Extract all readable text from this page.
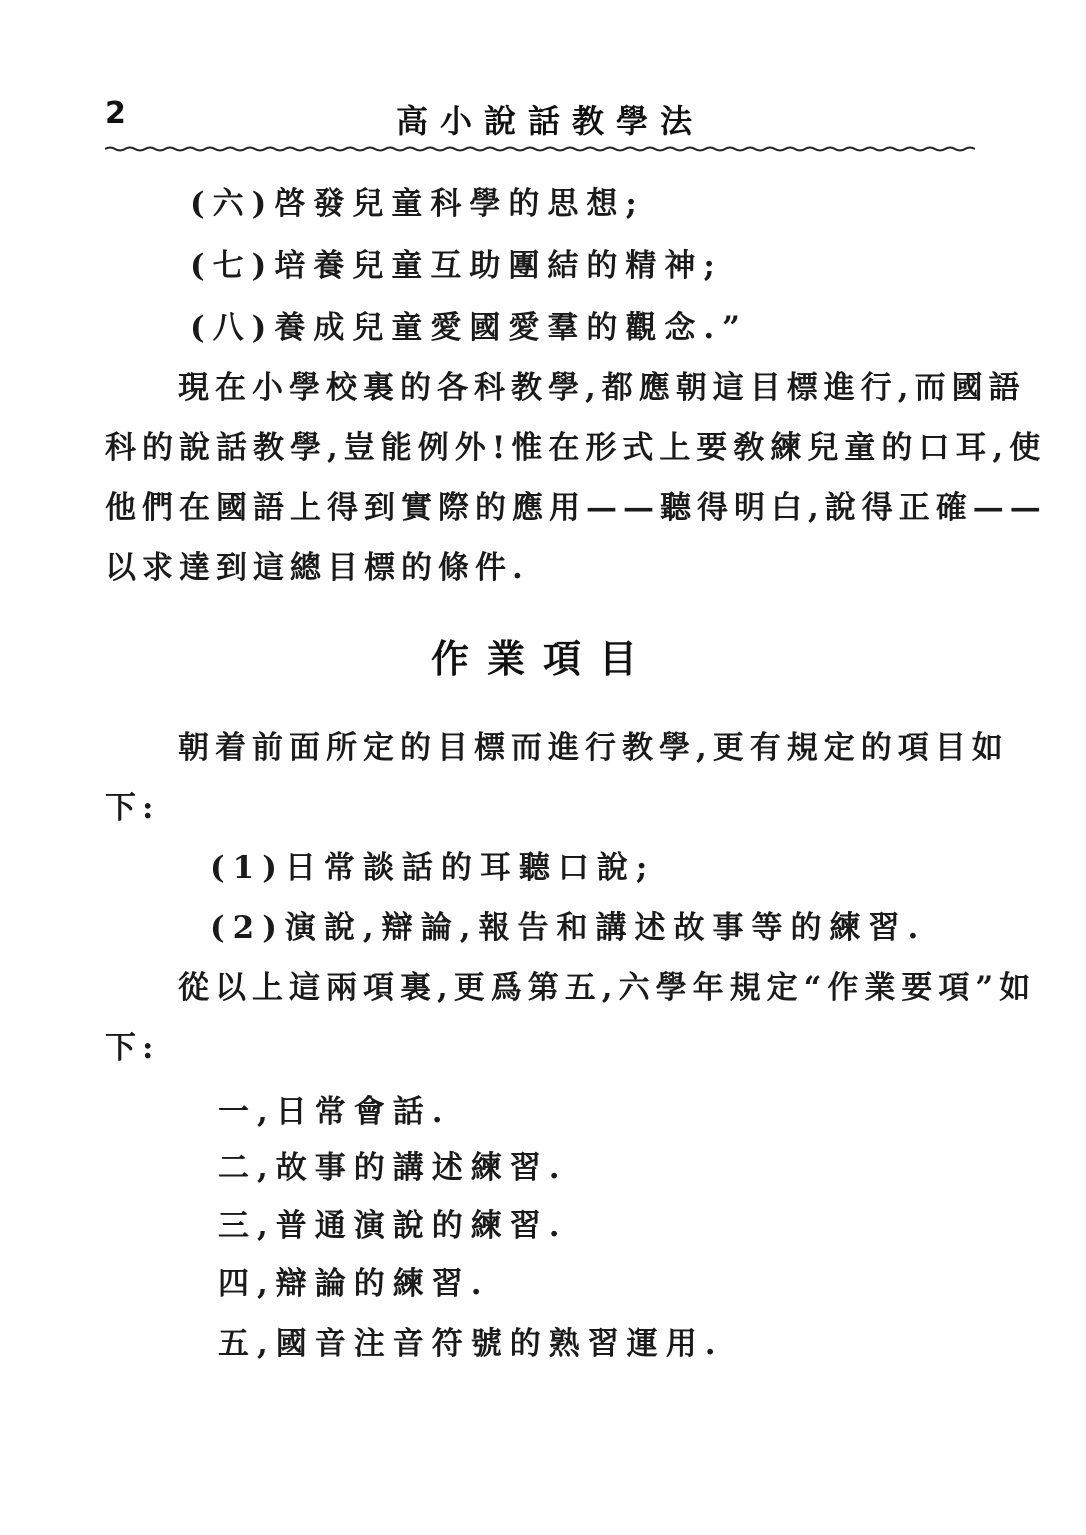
2	高小說話教學法
(六)啓發兒童科學的思想;
(七)培養兒童互助團結的精神;
(八)養成兒童愛國愛羣的觀念.”
現在小學校裏的各科教學,都應朝這目標進行,而國語
科的說話教學,豈能例外!惟在形式上要敎練兒童的口耳,使
他們在國語上得到實際的應用——聽得明白,說得正確——
以求達到這總目標的條件.
作業項目
朝着前面所定的目標而進行教學,更有規定的項目如
下:
(1)日常談話的耳聽口說;
(2)演說,辯論,報告和講述故事等的練習.
從以上這兩項裏,更爲第五,六學年規定“作業要項”如
下:
一,日常會話.
二,故事的講述練習.
三,普通演說的練習.
四,辯論的練習.
五,國音注音符號的熟習運用.
